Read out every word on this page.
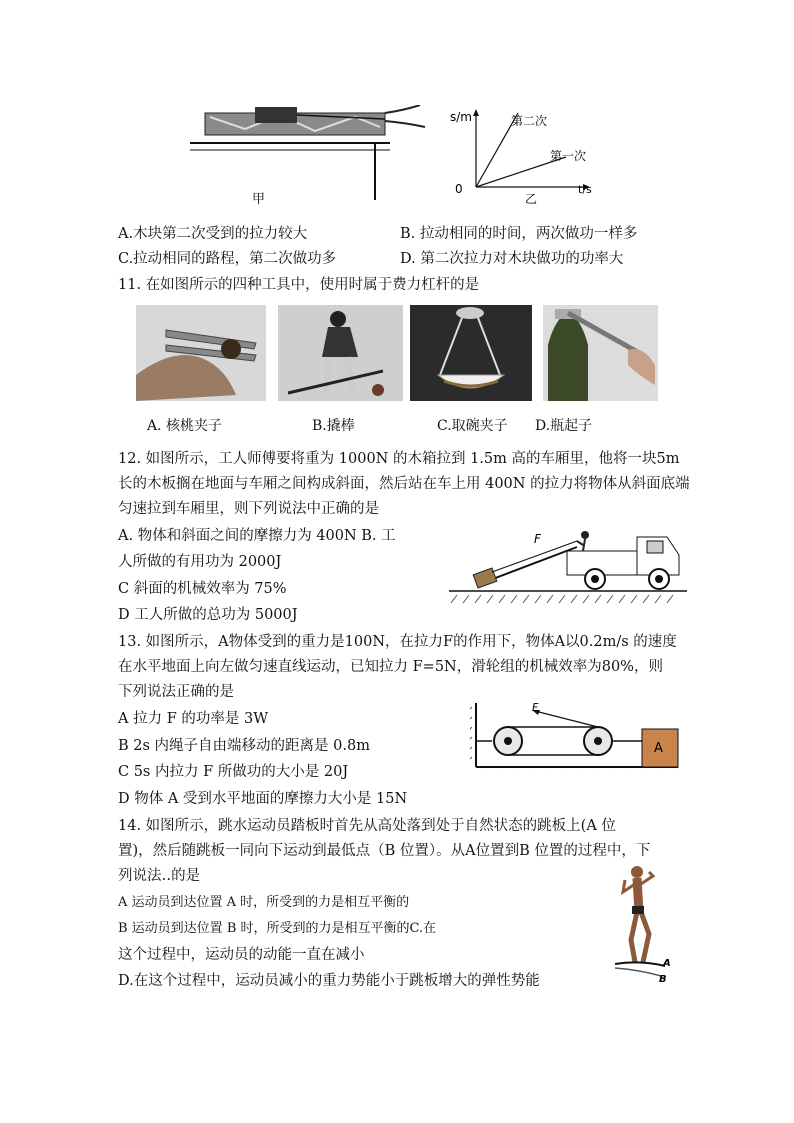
甲
s/m
t/s
0
第二次
第一次
乙
A.木块第二次受到的拉力较大	B. 拉动相同的时间，两次做功一样多
C.拉动相同的路程，第二次做功多	D. 第二次拉力对木块做功的功率大
11. 在如图所示的四种工具中，使用时属于费力杠杆的是
A. 核桃夹子	B.撬棒	C.取碗夹子 D.瓶起子
12. 如图所示，工人师傅要将重为 1000N 的木箱拉到 1.5m 高的车厢里，他将一块5m
长的木板搁在地面与车厢之间构成斜面，然后站在车上用 400N 的拉力将物体从斜面底端
匀速拉到车厢里，则下列说法中正确的是
A. 物体和斜面之间的摩擦力为 400N B. 工
人所做的有用功为 2000J
C 斜面的机械效率为 75%
D 工人所做的总功为 5000J
F
13. 如图所示，A物体受到的重力是100N，在拉力F的作用下，物体A以0.2m/s 的速度
在水平地面上向左做匀速直线运动，已知拉力 F=5N，滑轮组的机械效率为80%，则
下列说法正确的是
A 拉力 F 的功率是 3W
B 2s 内绳子自由端移动的距离是 0.8m
C 5s 内拉力 F 所做功的大小是 20J
D 物体 A 受到水平地面的摩擦力大小是 15N
F
A
14. 如图所示，跳水运动员踏板时首先从高处落到处于自然状态的跳板上(A 位
置)，然后随跳板一同向下运动到最低点（B 位置）。从A位置到B 位置的过程中，下
列说法‥的是
A 运动员到达位置 A 时，所受到的力是相互平衡的
B 运动员到达位置 B 时，所受到的力是相互平衡的C.在
这个过程中，运动员的动能一直在减小
D.在这个过程中，运动员减小的重力势能小于跳板增大的弹性势能
A
B
